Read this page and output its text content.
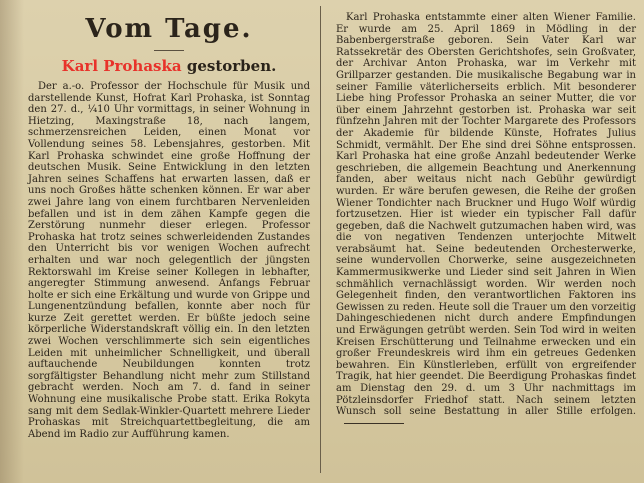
Vom Tage.
Karl Prohaska gestorben.

Der a.-o. Professor der Hochschule für Musik und darstellende Kunst, Hofrat Karl Prohaska, ist Sonntag den 27. d., ¼10 Uhr vormittags, in seiner Wohnung in Hietzing, Maxingstraße 18, nach langem, schmerzensreichen Leiden, einen Monat vor Vollendung seines 58. Lebensjahres, gestorben. Mit Karl Prohaska schwindet eine große Hoffnung der deutschen Musik. Seine Entwicklung in den letzten Jahren seines Schaffens hat erwarten lassen, daß er uns noch Großes hätte schenken können. Er war aber zwei Jahre lang von einem furchtbaren Nervenleiden befallen und ist in dem zähen Kampfe gegen die Zerstörung nunmehr dieser erlegen. Professor Prohaska hat trotz seines schwerleidenden Zustandes den Unterricht bis vor wenigen Wochen aufrecht erhalten und war noch gelegentlich der jüngsten Rektorswahl im Kreise seiner Kollegen in lebhafter, angeregter Stimmung anwesend. Anfangs Februar holte er sich eine Erkältung und wurde von Grippe und Lungenentzündung befallen, konnte aber noch für kurze Zeit gerettet werden. Er büßte jedoch seine körperliche Widerstandskraft völlig ein. In den letzten zwei Wochen verschlimmerte sich sein eigentliches Leiden mit unheimlicher Schnelligkeit, und überall auftauchende Neubildungen konnten trotz sorgfältigster Behandlung nicht mehr zum Stillstand gebracht werden. Noch am 7. d. fand in seiner Wohnung eine musikalische Probe statt. Erika Rokyta sang mit dem Sedlak-Winkler-Quartett mehrere Lieder Prohaskas mit Streichquartettbegleitung, die am Abend im Radio zur Aufführung kamen.

Karl Prohaska entstammte einer alten Wiener Familie. Er wurde am 25. April 1869 in Mödling in der Babenbergerstraße geboren. Sein Vater Karl war Ratssekretär des Obersten Gerichtshofes, sein Großvater, der Archivar Anton Prohaska, war im Verkehr mit Grillparzer gestanden. Die musikalische Begabung war in seiner Familie väterlicherseits erblich. Mit besonderer Liebe hing Professor Prohaska an seiner Mutter, die vor über einem Jahrzehnt gestorben ist. Prohaska war seit fünfzehn Jahren mit der Tochter Margarete des Professors der Akademie für bildende Künste, Hofrates Julius Schmidt, vermählt. Der Ehe sind drei Söhne entsprossen. Karl Prohaska hat eine große Anzahl bedeutender Werke geschrieben, die allgemein Beachtung und Anerkennung fanden, aber weitaus nicht nach Gebühr gewürdigt wurden. Er wäre berufen gewesen, die Reihe der großen Wiener Tondichter nach Bruckner und Hugo Wolf würdig fortzusetzen. Hier ist wieder ein typischer Fall dafür gegeben, daß die Nachwelt gutzumachen haben wird, was die von negativen Tendenzen unterjochte Mitwelt verabsäumt hat. Seine bedeutenden Orchesterwerke, seine wundervollen Chorwerke, seine ausgezeichneten Kammermusikwerke und Lieder sind seit Jahren in Wien schmählich vernachlässigt worden. Wir werden noch Gelegenheit finden, den verantwortlichen Faktoren ins Gewissen zu reden. Heute soll die Trauer um den vorzeitig Dahingeschiedenen nicht durch andere Empfindungen und Erwägungen getrübt werden. Sein Tod wird in weiten Kreisen Erschütterung und Teilnahme erwecken und ein großer Freundeskreis wird ihm ein getreues Gedenken bewahren. Ein Künstlerleben, erfüllt von ergreifender Tragik, hat hier geendet. Die Beerdigung Prohaskas findet am Dienstag den 29. d. um 3 Uhr nachmittags im Pötzleinsdorfer Friedhof statt. Nach seinem letzten Wunsch soll seine Bestattung in aller Stille erfolgen.
